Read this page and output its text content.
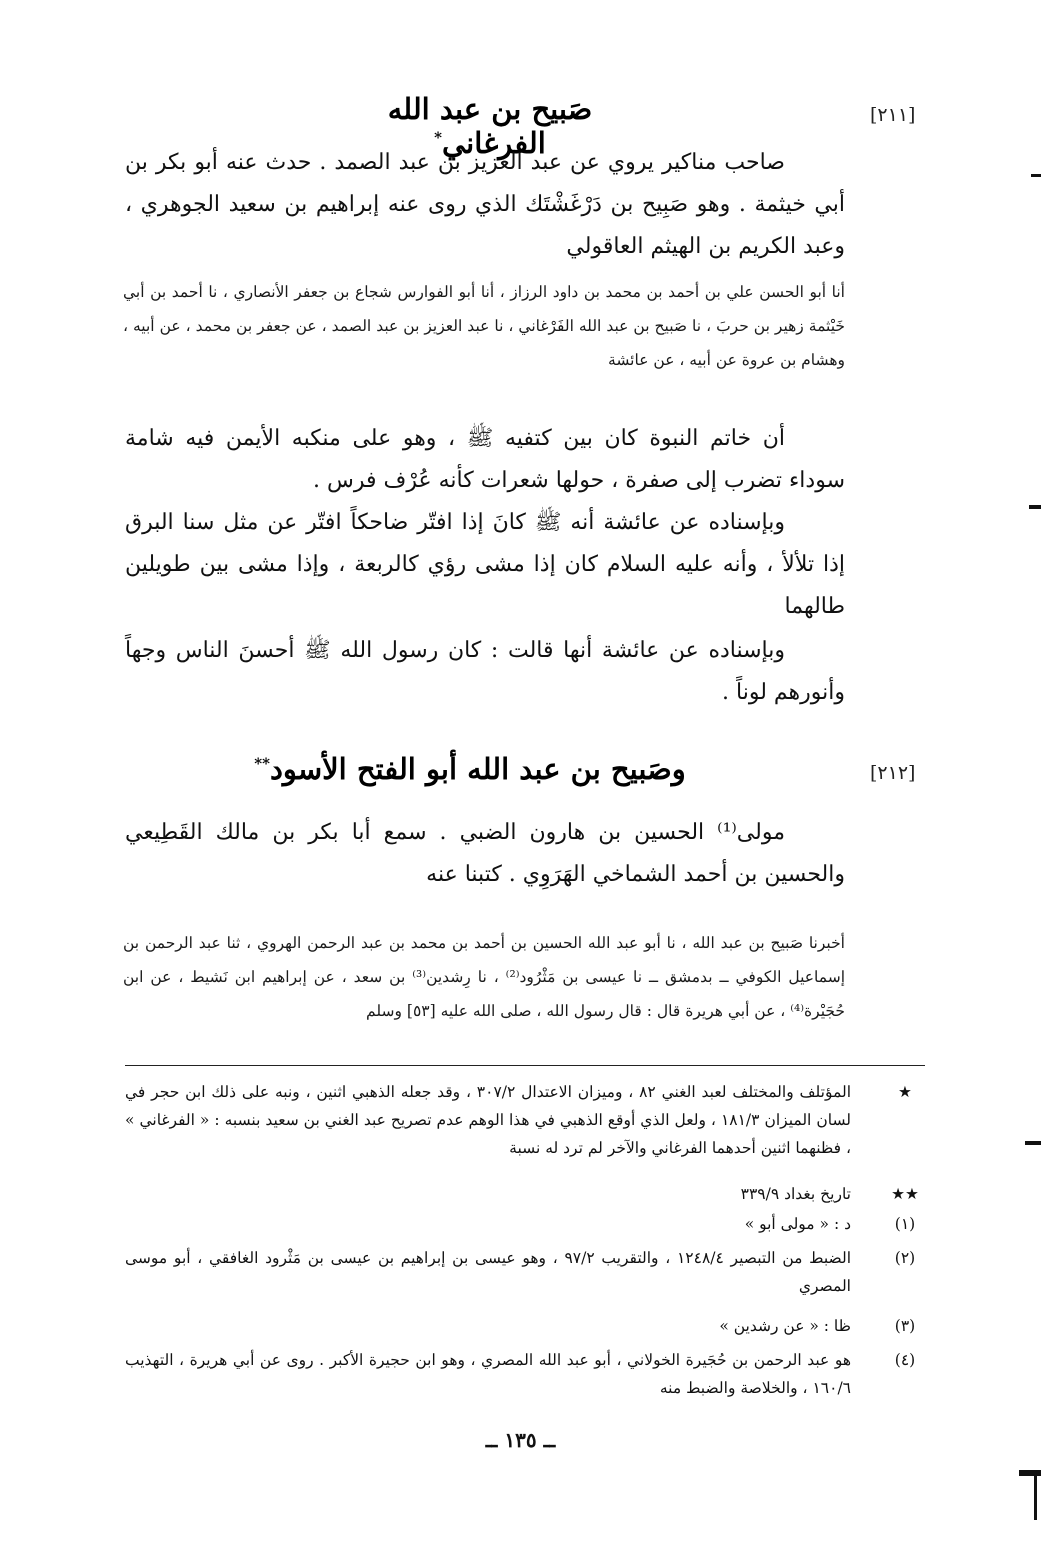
[٢١١]
صَبيح بن عبد الله الفرغاني*
صاحب مناكير يروي عن عبد العزيز بن عبد الصمد . حدث عنه أبو بكر بن أبي خيثمة . وهو صَبِيح بن دَرْغَشْتَك الذي روى عنه إبراهيم بن سعيد الجوهري ، وعبد الكريم بن الهيثم العاقولي
أنا أبو الحسن علي بن أحمد بن محمد بن داود الرزاز ، أنا أبو الفوارس شجاع بن جعفر الأنصاري ، نا أحمد بن أبي خَيْثمة زهير بن حربَ ، نا صَبيح بن عبد الله الفَرْغاني ، نا عبد العزيز بن عبد الصمد ، عن جعفر بن محمد ، عن أبيه ، وهشام بن عروة عن أبيه ، عن عائشة
أن خاتم النبوة كان بين كتفيه ﷺ ، وهو على منكبه الأيمن فيه شامة سوداء تضرب إلى صفرة ، حولها شعرات كأنه عُرْف فرس .
وبإسناده عن عائشة أنه ﷺ كانَ إذا افتّر ضاحكاً افتّر عن مثل سنا البرق إذا تلألأ ، وأنه عليه السلام كان إذا مشى رؤي كالربعة ، وإذا مشى بين طويلين طالهما
وبإسناده عن عائشة أنها قالت : كان رسول الله ﷺ أحسنَ الناس وجهاً وأنورهم لوناً .
[٢١٢]
وصَبيح بن عبد الله أبو الفتح الأسود**
مولى⁽¹⁾ الحسين بن هارون الضبي . سمع أبا بكر بن مالك القَطِيعي والحسين بن أحمد الشماخي الهَرَوِي . كتبنا عنه
أخبرنا صَبيح بن عبد الله ، نا أبو عبد الله الحسين بن أحمد بن محمد بن عبد الرحمن الهروي ، ثنا عبد الرحمن بن إسماعيل الكوفي ــ بدمشق ــ نا عيسى بن مَثْرُود⁽²⁾ ، نا رِشدين⁽³⁾ بن سعد ، عن إبراهيم ابن نَشيط ، عن ابن حُجَيْرة⁽⁴⁾ ، عن أبي هريرة قال : قال رسول الله ، صلى الله عليه [٥٣] وسلم
★
المؤتلف والمختلف لعبد الغني ٨٢ ، وميزان الاعتدال ٣٠٧/٢ ، وقد جعله الذهبي اثنين ، ونبه على ذلك ابن حجر في لسان الميزان ١٨١/٣ ، ولعل الذي أوقع الذهبي في هذا الوهم عدم تصريح عبد الغني بن سعيد بنسبه : « الفرغاني » ، فظنهما اثنين أحدهما الفرغاني والآخر لم ترد له نسبة
★★
تاريخ بغداد ٣٣٩/٩
(١)
د : « مولى أبو »
(٢)
الضبط من التبصير ١٢٤٨/٤ ، والتقريب ٩٧/٢ ، وهو عيسى بن إبراهيم بن عيسى بن مَثْرود الغافقي ، أبو موسى المصري
(٣)
ظا : « عن رشدين »
(٤)
هو عبد الرحمن بن حُجَيرة الخولاني ، أبو عبد الله المصري ، وهو ابن حجيرة الأكبر . روى عن أبي هريرة ، التهذيب ١٦٠/٦ ، والخلاصة والضبط منه
ــ ١٣٥ ــ
